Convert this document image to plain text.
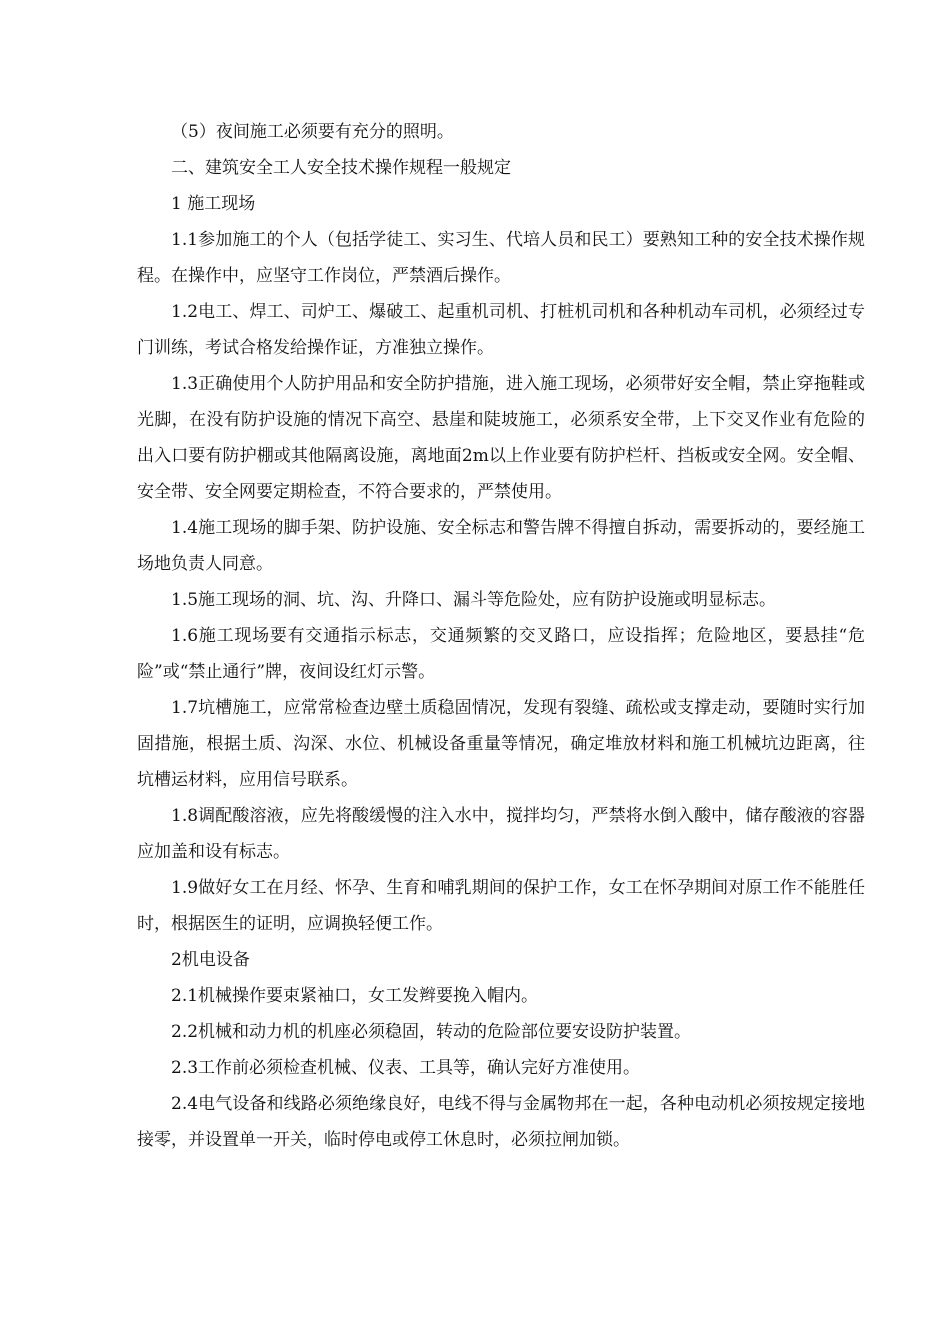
（5）夜间施工必须要有充分的照明。

二、建筑安全工人安全技术操作规程一般规定

1 施工现场

1.1参加施工的个人（包括学徒工、实习生、代培人员和民工）要熟知工种的安全技术操作规程。在操作中，应坚守工作岗位，严禁酒后操作。

1.2电工、焊工、司炉工、爆破工、起重机司机、打桩机司机和各种机动车司机，必须经过专门训练，考试合格发给操作证，方准独立操作。

1.3正确使用个人防护用品和安全防护措施，进入施工现场，必须带好安全帽，禁止穿拖鞋或光脚，在没有防护设施的情况下高空、悬崖和陡坡施工，必须系安全带，上下交叉作业有危险的出入口要有防护棚或其他隔离设施，离地面2m以上作业要有防护栏杆、挡板或安全网。安全帽、安全带、安全网要定期检查，不符合要求的，严禁使用。

1.4施工现场的脚手架、防护设施、安全标志和警告牌不得擅自拆动，需要拆动的，要经施工场地负责人同意。

1.5施工现场的洞、坑、沟、升降口、漏斗等危险处，应有防护设施或明显标志。

1.6施工现场要有交通指示标志，交通频繁的交叉路口，应设指挥；危险地区，要悬挂“危险”或“禁止通行”牌，夜间设红灯示警。

1.7坑槽施工，应常常检查边壁土质稳固情况，发现有裂缝、疏松或支撑走动，要随时实行加固措施，根据土质、沟深、水位、机械设备重量等情况，确定堆放材料和施工机械坑边距离，往坑槽运材料，应用信号联系。

1.8调配酸溶液，应先将酸缓慢的注入水中，搅拌均匀，严禁将水倒入酸中，储存酸液的容器应加盖和设有标志。

1.9做好女工在月经、怀孕、生育和哺乳期间的保护工作，女工在怀孕期间对原工作不能胜任时，根据医生的证明，应调换轻便工作。

2机电设备

2.1机械操作要束紧袖口，女工发辫要挽入帽内。

2.2机械和动力机的机座必须稳固，转动的危险部位要安设防护装置。

2.3工作前必须检查机械、仪表、工具等，确认完好方准使用。

2.4电气设备和线路必须绝缘良好，电线不得与金属物邦在一起，各种电动机必须按规定接地接零，并设置单一开关，临时停电或停工休息时，必须拉闸加锁。
